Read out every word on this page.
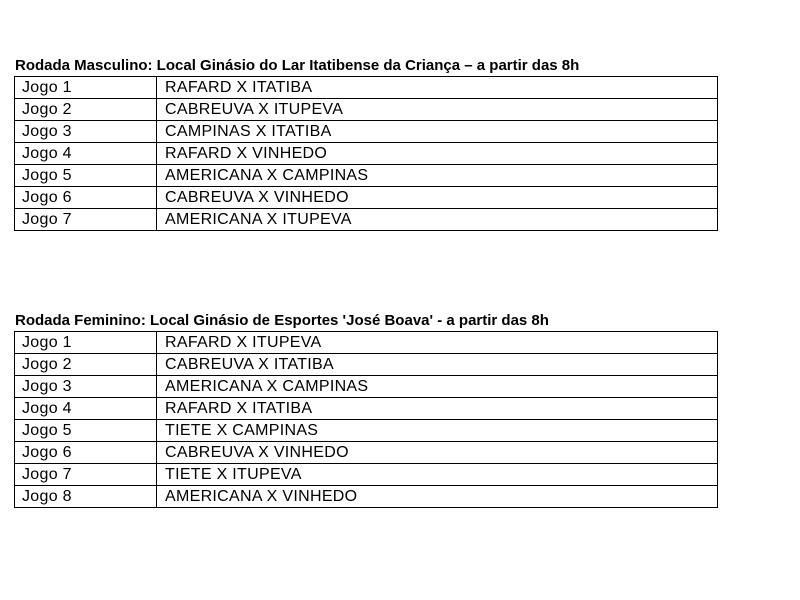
Rodada Masculino: Local Ginásio do Lar Itatibense da Criança – a partir das 8h
Jogo 1	RAFARD X ITATIBA
Jogo 2	CABREUVA X ITUPEVA
Jogo 3	CAMPINAS X ITATIBA
Jogo 4	RAFARD X VINHEDO
Jogo 5	AMERICANA X CAMPINAS
Jogo 6	CABREUVA X VINHEDO
Jogo 7	AMERICANA X ITUPEVA
Rodada Feminino: Local Ginásio de Esportes 'José Boava' - a partir das 8h
Jogo 1	RAFARD X ITUPEVA
Jogo 2	CABREUVA X ITATIBA
Jogo 3	AMERICANA X CAMPINAS
Jogo 4	RAFARD X ITATIBA
Jogo 5	TIETE X CAMPINAS
Jogo 6	CABREUVA X VINHEDO
Jogo 7	TIETE X ITUPEVA
Jogo 8	AMERICANA X VINHEDO
